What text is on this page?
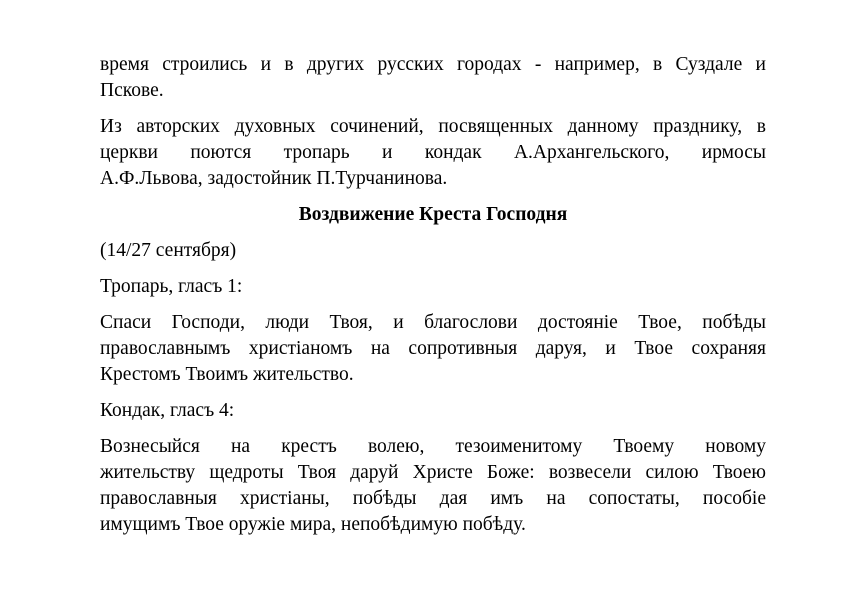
время строились и в других русских городах - например, в Суздале и
Пскове.
Из авторских духовных сочинений, посвященных данному празднику, в
церкви поются тропарь и кондак А.Архангельского, ирмосы
А.Ф.Львова, задостойник П.Турчанинова.
Воздвижение Креста Господня
(14/27 сентября)
Тропарь, гласъ 1:
Спаси Господи, люди Твоя, и благослови достояніе Твое, побѣды
православнымъ христіаномъ на сопротивныя даруя, и Твое сохраняя
Крестомъ Твоимъ жительство.
Кондак, гласъ 4:
Вознесыйся на крестъ волею, тезоименитому Твоему новому
жительству щедроты Твоя даруй Христе Боже: возвесели силою Твоею
православныя христіаны, побѣды дая имъ на сопостаты, пособіе
имущимъ Твое оружіе мира, непобѣдимую побѣду.
